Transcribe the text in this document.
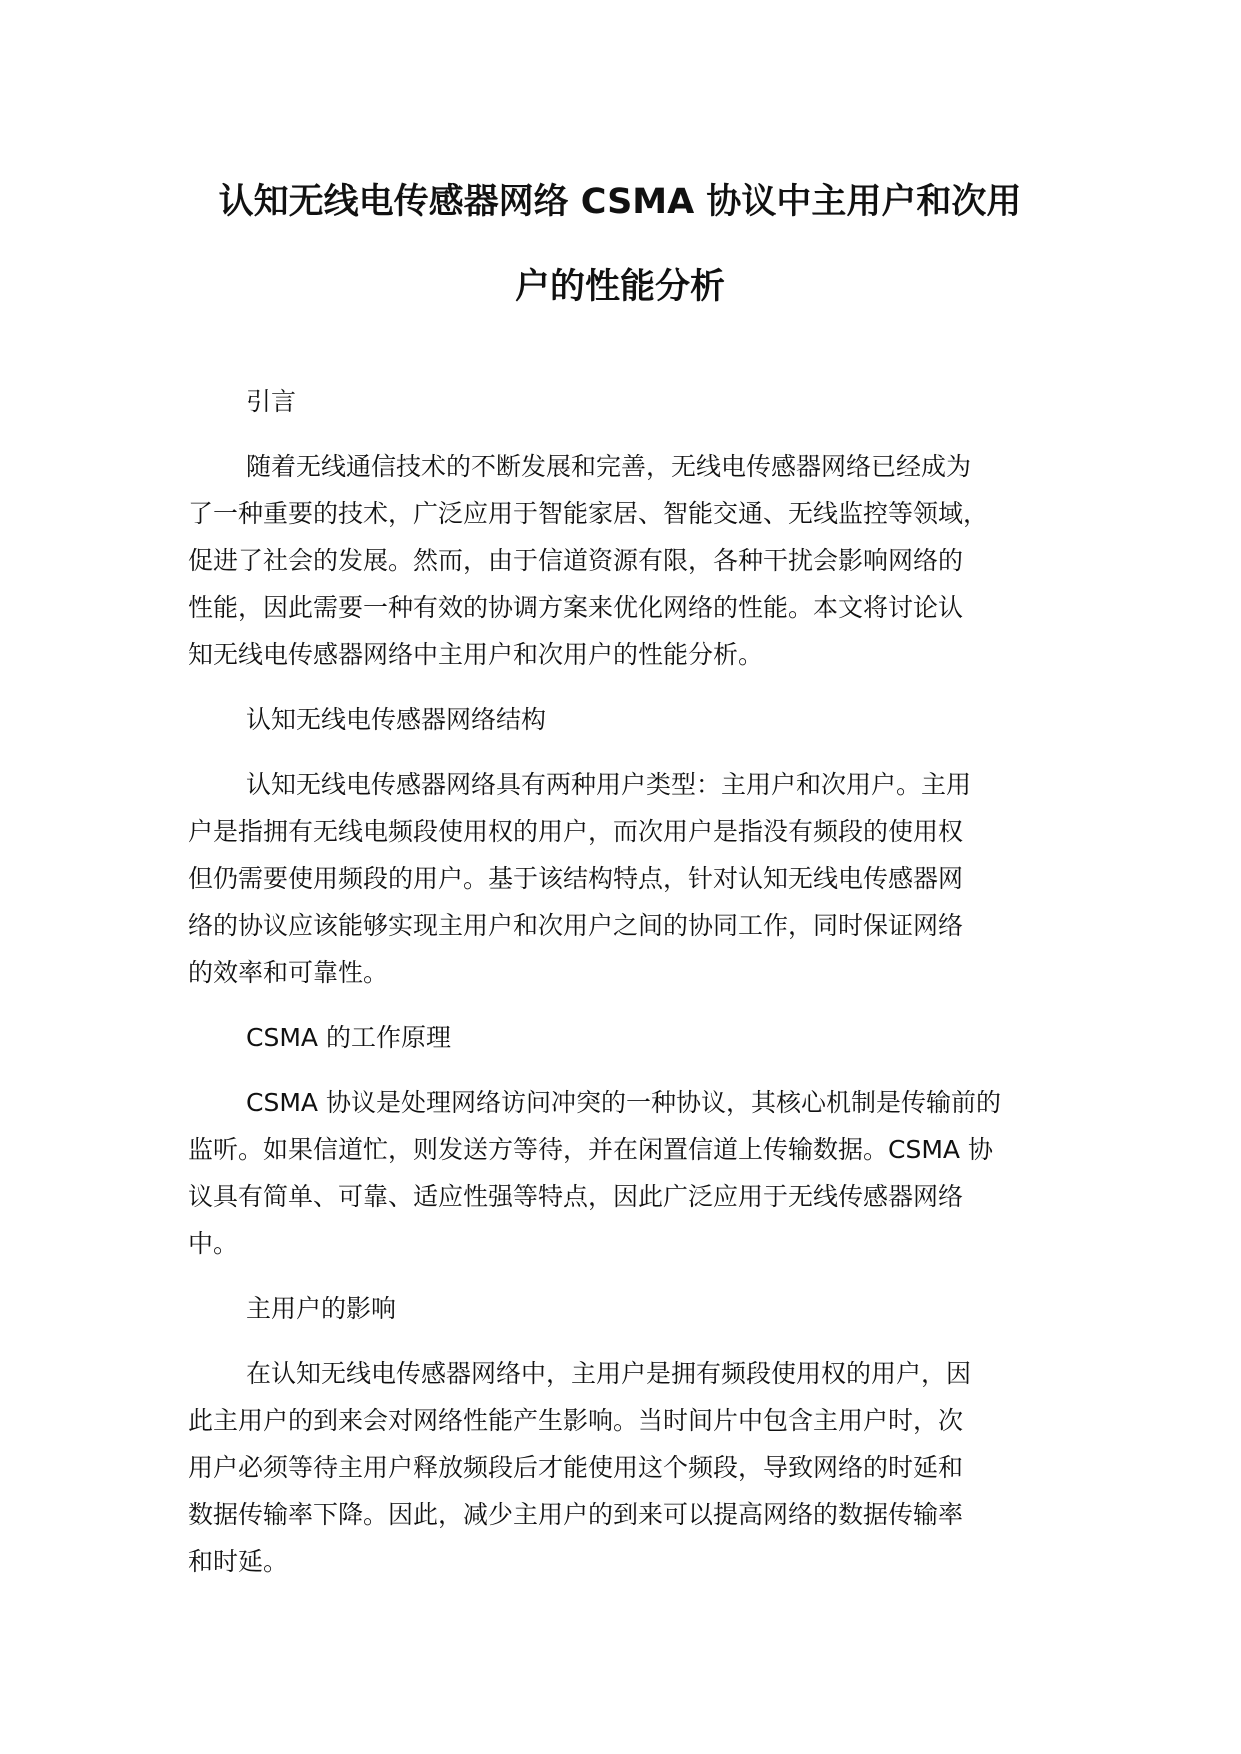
认知无线电传感器网络 CSMA 协议中主用户和次用
户的性能分析
引言

随着无线通信技术的不断发展和完善，无线电传感器网络已经成为
了一种重要的技术，广泛应用于智能家居、智能交通、无线监控等领域，
促进了社会的发展。然而，由于信道资源有限，各种干扰会影响网络的
性能，因此需要一种有效的协调方案来优化网络的性能。本文将讨论认
知无线电传感器网络中主用户和次用户的性能分析。

认知无线电传感器网络结构

认知无线电传感器网络具有两种用户类型：主用户和次用户。主用
户是指拥有无线电频段使用权的用户，而次用户是指没有频段的使用权
但仍需要使用频段的用户。基于该结构特点，针对认知无线电传感器网
络的协议应该能够实现主用户和次用户之间的协同工作，同时保证网络
的效率和可靠性。

CSMA 的工作原理

CSMA 协议是处理网络访问冲突的一种协议，其核心机制是传输前的
监听。如果信道忙，则发送方等待，并在闲置信道上传输数据。CSMA 协
议具有简单、可靠、适应性强等特点，因此广泛应用于无线传感器网络
中。

主用户的影响

在认知无线电传感器网络中，主用户是拥有频段使用权的用户，因
此主用户的到来会对网络性能产生影响。当时间片中包含主用户时，次
用户必须等待主用户释放频段后才能使用这个频段，导致网络的时延和
数据传输率下降。因此，减少主用户的到来可以提高网络的数据传输率
和时延。
